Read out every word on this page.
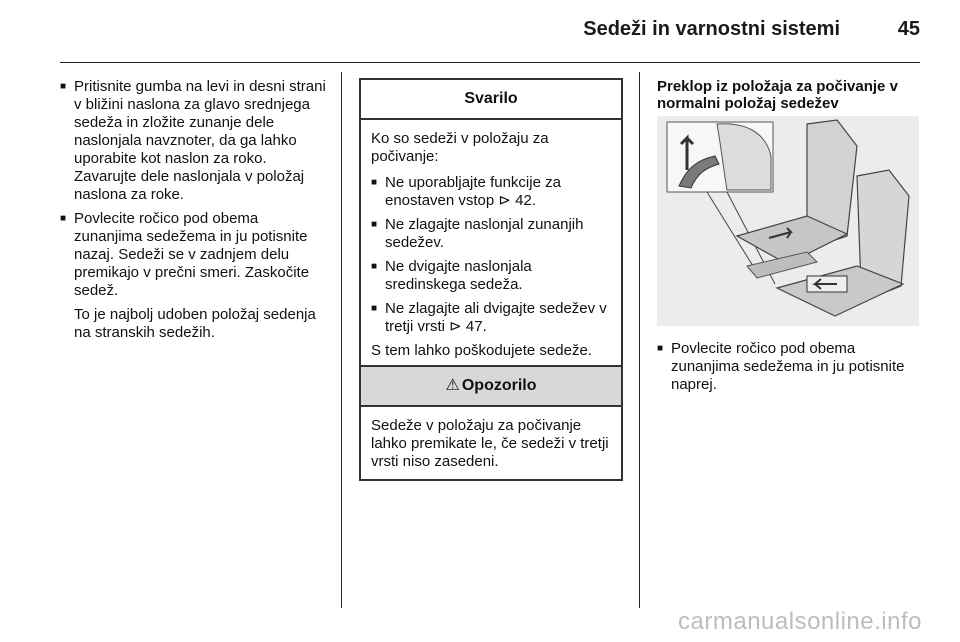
Sedeži in varnostni sistemi	45
■ Pritisnite gumba na levi in desni strani v bližini naslona za glavo srednjega sedeža in zložite zunanje dele naslonjala navznoter, da ga lahko uporabite kot naslon za roko. Zavarujte dele naslonjala v položaj naslona za roke.
■ Povlecite ročico pod obema zunanjima sedežema in ju potisnite nazaj. Sedeži se v zadnjem delu premikajo v prečni smeri. Zaskočite sedež.

To je najbolj udoben položaj sedenja na stranskih sedežih.

Svarilo

Ko so sedeži v položaju za počivanje:

■ Ne uporabljajte funkcije za enostaven vstop ⊳ 42.
■ Ne zlagajte naslonjal zunanjih sedežev.
■ Ne dvigajte naslonjala sredinskega sedeža.
■ Ne zlagajte ali dvigajte sedežev v tretji vrsti ⊳ 47.

S tem lahko poškodujete sedeže.

⚠ Opozorilo

Sedeže v položaju za počivanje lahko premikate le, če sedeži v tretji vrsti niso zasedeni.

Preklop iz položaja za počivanje v normalni položaj sedežev
■ Povlecite ročico pod obema zunanjima sedežema in ju potisnite naprej.
carmanualsonline.info
